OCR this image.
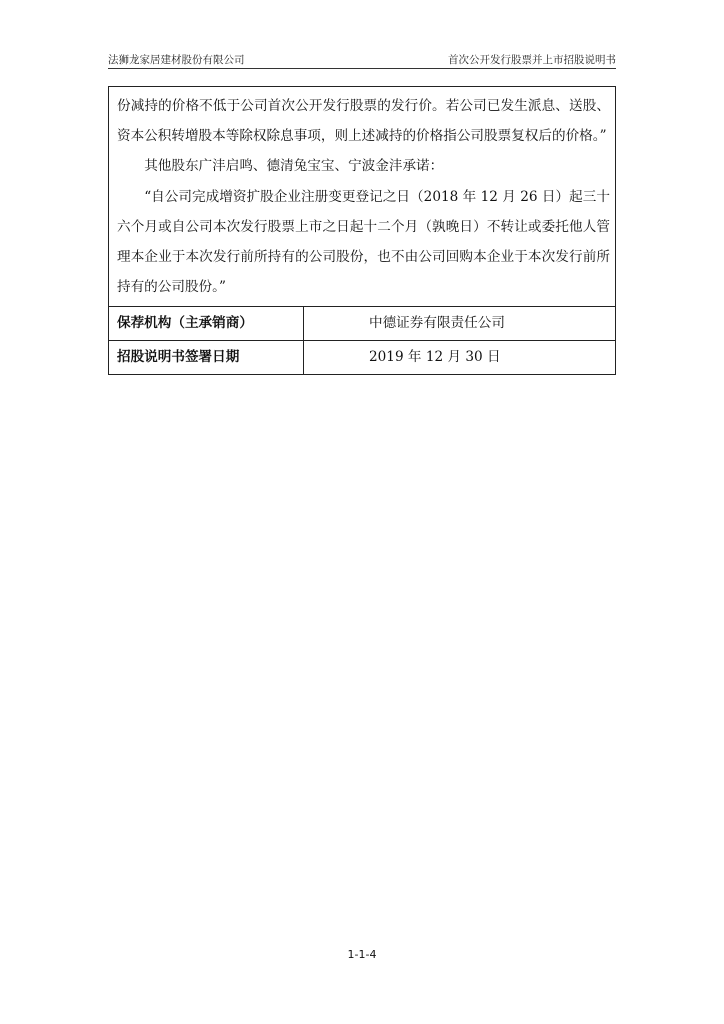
法狮龙家居建材股份有限公司	首次公开发行股票并上市招股说明书

份减持的价格不低于公司首次公开发行股票的发行价。若公司已发生派息、送股、资本公积转增股本等除权除息事项，则上述减持的价格指公司股票复权后的价格。”

其他股东广沣启鸣、德清兔宝宝、宁波金沣承诺：

“自公司完成增资扩股企业注册变更登记之日（2018 年 12 月 26 日）起三十六个月或自公司本次发行股票上市之日起十二个月（孰晚日）不转让或委托他人管理本企业于本次发行前所持有的公司股份，也不由公司回购本企业于本次发行前所持有的公司股份。”

保荐机构（主承销商）	中德证券有限责任公司
招股说明书签署日期	2019 年 12 月 30 日
1-1-4
